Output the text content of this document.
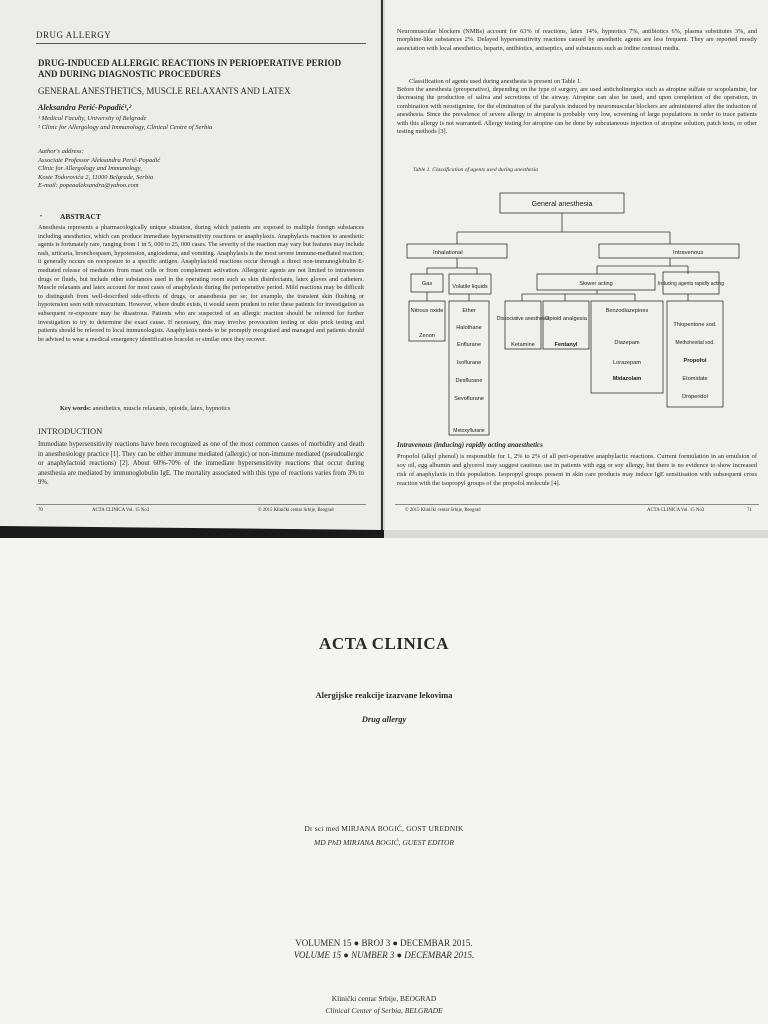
DRUG ALLERGY
DRUG-INDUCED ALLERGIC REACTIONS IN PERIOPERATIVE PERIOD AND DURING DIAGNOSTIC PROCEDURES
GENERAL ANESTHETICS, MUSCLE RELAXANTS AND LATEX
Aleksandra Perić-Popadić¹,²
¹ Medical Faculty, University of Belgrade
² Clinic for Allergology and Immunology, Clinical Centre of Serbia
Author's address:
Associate Professor Aleksandra Perić-Popadić
Clinic for Allergology and Immunology,
Koste Todorovića 2, 11000 Belgrade, Serbia
E-mail: popeaaleksandra@yahoo.com
• ABSTRACT
Anesthesia represents a pharmacologically unique situation, during which patients are exposed to multiple foreign substances including anesthetics, which can produce immediate hypersensitivity reactions or anaphylaxis. Anaphylaxis reaction to anesthetic agents is fortunately rare, ranging from 1 in 5, 000 to 25, 000 cases. The severity of the reaction may vary but features may include rash, urticaria, bronchospasm, hypotension, angioedema, and vomiting. Anaphylaxis is the most severe immune-mediated reaction; it generally occurs on reexposure to a specific antigen. Anaphylactoid reactions occur through a direct non-immunoglobulin E-mediated release of mediators from mast cells or from complement activation. Allergenic agents are not limited to intravenous drugs or fluids, but include other substances used in the operating room such as skin disinfectants, latex gloves and catheters. Muscle relaxants and latex account for most cases of anaphylaxis during the perioperative period. Mild reactions may be difficult to distinguish from well-described side-effects of drugs, or anaesthesia per se; for example, the transient skin flushing or hypotension seen with mivacurium. However, where doubt exists, it would seem prudent to refer these patients for investigation as subsequent re-exposure may be disastrous. Patients who are suspected of an allergic reaction should be referred for further investigation to try to determine the exact cause. If necessary, this may involve provocation testing or skin prick testing and patients should be referred to local immunologists. Anaphylaxis needs to be promptly recognised and managed and patients should be advised to wear a medical emergency identification bracelet or similar once they recover.
Key words: anesthetics, muscle relaxants, opioids, latex, hypnotics
INTRODUCTION
Immediate hypersensitivity reactions have been recognized as one of the most common causes of morbidity and death in anesthesiology practice [1]. They can be either immune mediated (allergic) or non-immune mediated (pseudoallergic or anaphylactoid reactions) [2]. About 60%-70% of the immediate hypersensitivity reactions that occur during anesthesia are mediated by immunoglobulin IgE. The mortality associated with this type of reactions varies from 3% to 9%.
70	ACTA CLINICA Vol. 15 No3	© 2015 Klinički centar Srbije, Beograd
Neuromuscular blockers (NMBs) account for 63% of reactions, latex 14%, hypnotics 7%, antibiotics 6%, plasma substitutes 3%, and morphine-like substances 2%. Delayed hypersensitivity reactions caused by anesthetic agents are less frequent. They are reported mostly association with local anesthetics, heparin, antibiotics, antiseptics, and substances such as iodine contrast media.
Classification of agents used during anesthesia is present on Table 1.
Before the anesthesia (preoperative), depending on the type of surgery, are used anticholinergics such as atropine sulfate or scopolamine, for decreasing the production of saliva and secretions of the airway. Atropine can also be used, and upon completion of the operation, in combination with neostigmine, for the elimination of the paralysis induced by neuromuscular blockers are administered after the induction of anesthesia. Since the prevalence of severe allergy to atropine is probably very low, screening of large populations in order to trace patients with this allergy is not warranted. Allergy testing for atropine can be done by subcutaneous injection of atropine solution, patch tests, or other testing methods [3].
Table 1. Classification of agents used during anesthesia
General anesthesia
Inhalational	Intravenous
Gas	Volatile liquids	Slower acting	Inducing agents rapidly acting
Nitrous oxide
Zenon
Ether
Halothane
Enflurane
Isoflurane
Desflurane
Sevoflurane
Metoxyflurane
Dissociative anesthesia
Ketamine
Opioid analgesia
Fentanyl
Benzodiazepines
Diazepam
Lorazepam
Midazolam
Thiopentone sod.
Methohexital sod.
Propofol
Etomidate
Droperidol
Intravenous (inducing) rapidly acting anaesthetics
Propofol (alkyl phenol) is responsible for 1, 2% to 2% of all peri-operative anaphylactic reactions. Current formulation in an emulsion of soy oil, egg albumin and glycerol may suggest cautious use in patients with egg or soy allergy, but there is no evidence to show increased risk of anaphylaxis in this population. Isopropyl groups present in skin care products may induce IgE sensitisation with subsequent cross reaction with the isopropyl groups of the propofol molecule [4].
© 2015 Klinički centar Srbije, Beograd	ACTA CLINICA Vol. 15 No3	71
ACTA CLINICA
Alergijske reakcije izazvane lekovima
Drug allergy
Dr sci med MIRJANA BOGIĆ, GOST UREDNIK
MD PhD MIRJANA BOGIĆ, GUEST EDITOR
VOLUMEN 15 ● BROJ 3 ● DECEMBAR 2015.
VOLUME 15 ● NUMBER 3 ● DECEMBAR 2015.
Klinički centar Srbije, BEOGRAD
Clinical Center of Serbia, BELGRADE
